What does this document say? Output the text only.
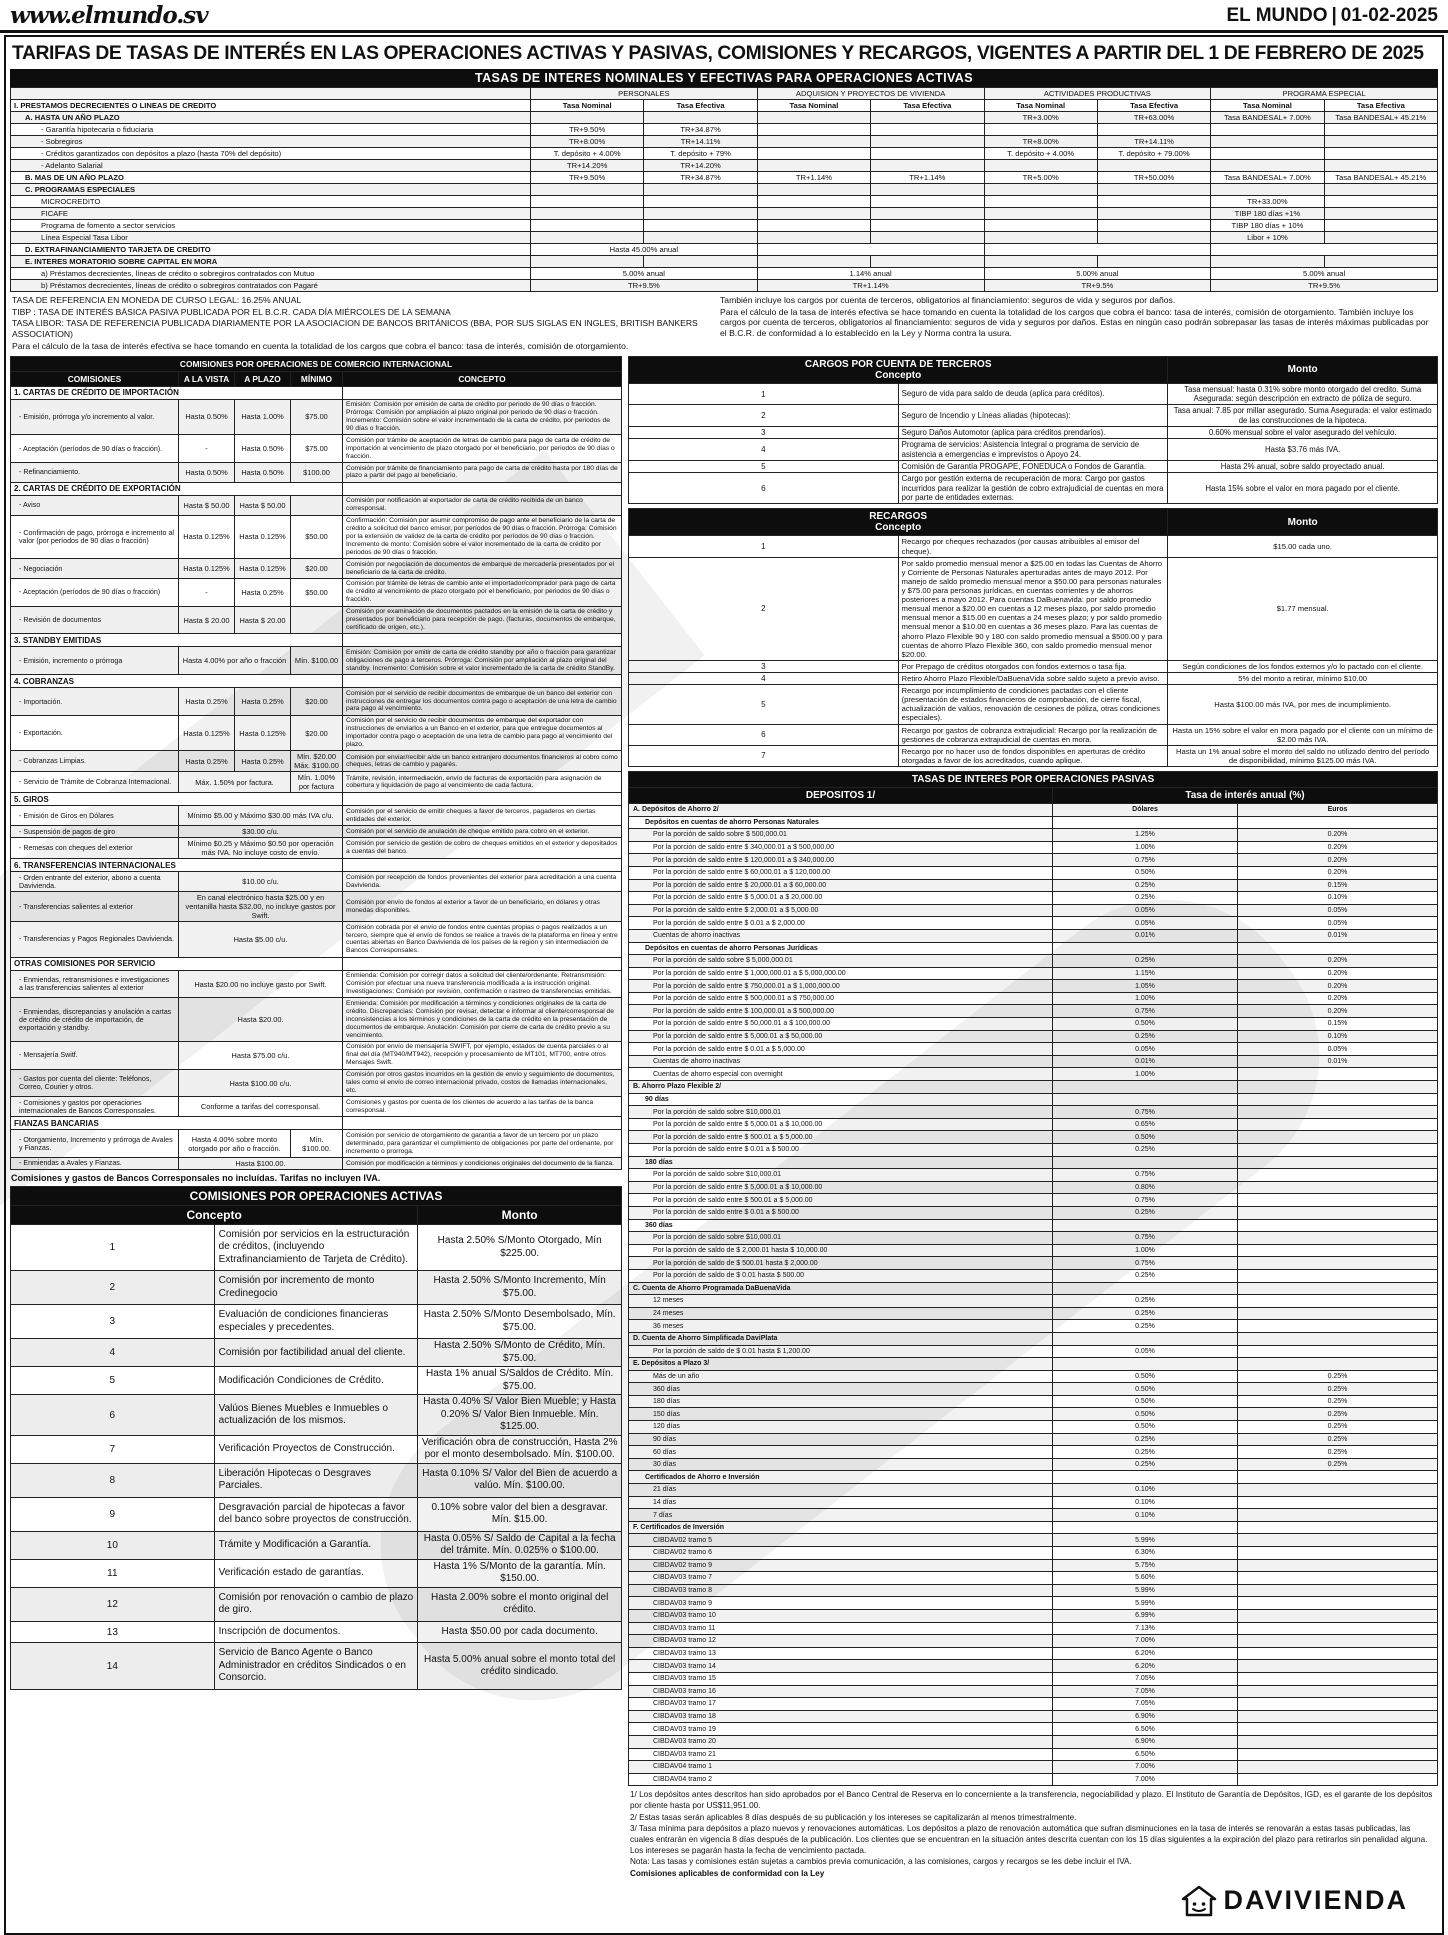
www.elmundo.sv	EL MUNDO | 01-02-2025
TARIFAS DE TASAS DE INTERÉS EN LAS OPERACIONES ACTIVAS Y PASIVAS, COMISIONES Y RECARGOS, VIGENTES A PARTIR DEL 1 DE FEBRERO DE 2025
TASAS DE INTERES NOMINALES Y EFECTIVAS PARA OPERACIONES ACTIVAS
	PERSONALES		ADQUISION Y PROYECTOS DE VIVIENDA		ACTIVIDADES PRODUCTIVAS		PROGRAMA ESPECIAL	
I. PRESTAMOS DECRECIENTES O LINEAS DE CREDITO	Tasa Nominal	Tasa Efectiva	Tasa Nominal	Tasa Efectiva	Tasa Nominal	Tasa Efectiva	Tasa Nominal	Tasa Efectiva
A. HASTA UN AÑO PLAZO					TR+3.00%	TR+63.00%	Tasa BANDESAL+ 7.00%	Tasa BANDESAL+ 45.21%
- Garantía hipotecaria o fiduciaria	TR+9.50%	TR+34.87%						
- Sobregiros	TR+8.00%	TR+14.11%			TR+8.00%	TR+14.11%		
- Créditos garantizados con depósitos a plazo (hasta 70% del depósito)	T. depósito + 4.00%	T. depósito + 79%			T. depósito + 4.00%	T. depósito + 79.00%		
- Adelanto Salarial	TR+14.20%	TR+14.20%						
B. MAS DE UN AÑO PLAZO	TR+9.50%	TR+34.87%	TR+1.14%	TR+1.14%	TR+5.00%	TR+50.00%	Tasa BANDESAL+ 7.00%	Tasa BANDESAL+ 45.21%
C. PROGRAMAS ESPECIALES								
MICROCREDITO							TR+33.00%	
FICAFE							TIBP 180 días +1%	
Programa de fomento a sector servicios							TIBP 180 días + 10%	
Línea Especial Tasa Libor							Libor + 10%	
D. EXTRAFINANCIAMIENTO TARJETA DE CREDITO	Hasta 45.00% anual							
E. INTERES MORATORIO SOBRE CAPITAL EN MORA								
a) Préstamos decrecientes, líneas de crédito o sobregiros contratados con Mutuo	5.00% anual		1.14% anual		5.00% anual		5.00% anual	
b) Préstamos decrecientes, líneas de crédito o sobregiros contratados con Pagaré	TR+9.5%		TR+1.14%		TR+9.5%		TR+9.5%	

TASA DE REFERENCIA EN MONEDA DE CURSO LEGAL: 16.25% ANUAL

TIBP : TASA DE INTERÉS BÁSICA PASIVA PUBLICADA POR EL B.C.R. CADA DÍA MIÉRCOLES DE LA SEMANA

TASA LIBOR: TASA DE REFERENCIA PUBLICADA DIARIAMENTE POR LA ASOCIACION DE BANCOS BRITÁNICOS (BBA, POR SUS SIGLAS EN INGLES, BRITISH BANKERS ASSOCIATION)

Para el cálculo de la tasa de interés efectiva se hace tomando en cuenta la totalidad de los cargos que cobra el banco: tasa de interés, comisión de otorgamiento.

También incluye los cargos por cuenta de terceros, obligatorios al financiamiento: seguros de vida y seguros por daños.

Para el cálculo de la tasa de interés efectiva se hace tomando en cuenta la totalidad de los cargos que cobra el banco: tasa de interés, comisión de otorgamiento. También incluye los cargos por cuenta de terceros, obligatorios al financiamiento: seguros de vida y seguros por daños. Estas en ningún caso podrán sobrepasar las tasas de interés máximas publicadas por el B.C.R. de conformidad a lo establecido en la Ley y Norma contra la usura.

COMISIONES POR OPERACIONES DE COMERCIO INTERNACIONAL				
COMISIONES	A LA VISTA	A PLAZO	MÍNIMO	CONCEPTO
1. CARTAS DE CRÉDITO DE IMPORTACIÓN				
- Emisión, prórroga y/o incremento al valor.	Hasta 0.50%	Hasta 1.00%	$75.00	Emisión: Comisión por emisión de carta de crédito por periodo de 90 días o fracción. Prórroga: Comisión por ampliación al plazo original por periodo de 90 días o fracción. Incremento: Comisión sobre el valor incrementado de la carta de crédito, por periodos de 90 días o fracción.
- Aceptación (períodos de 90 días o fracción).	-	Hasta 0.50%	$75.00	Comisión por trámite de aceptación de letras de cambio para pago de carta de crédito de importación al vencimiento de plazo otorgado por el beneficiario, por periodos de 90 días o fracción.
- Refinanciamiento.	Hasta 0.50%	Hasta 0.50%	$100.00	Comisión por trámite de financiamiento para pago de carta de crédito hasta por 180 días de plazo a partir del pago al beneficiario.
2. CARTAS DE CRÉDITO DE EXPORTACIÓN				
- Aviso	Hasta $ 50.00	Hasta $ 50.00		Comisión por notificación al exportador de carta de crédito recibida de un banco corresponsal.
- Confirmación de pago, prórroga e incremento al valor (por períodos de 90 días o fracción)	Hasta 0.125%	Hasta 0.125%	$50.00	Confirmación: Comisión por asumir compromiso de pago ante el beneficiario de la carta de crédito a solicitud del banco emisor, por períodos de 90 días o fracción. Prórroga: Comisión por la extensión de validez de la carta de crédito por períodos de 90 días o fracción. Incremento de monto: Comisión sobre el valor incrementado de la carta de crédito por periodos de 90 días o fracción.
- Negociación	Hasta 0.125%	Hasta 0.125%	$20.00	Comisión por negociación de documentos de embarque de mercadería presentados por el beneficiario de la carta de crédito.
- Aceptación (períodos de 90 días o fracción)	-	Hasta 0.25%	$50.00	Comisión por trámite de letras de cambio ante el importador/comprador para pago de carta de crédito al vencimiento de plazo otorgado por el beneficiario, por periodos de 90 días o fracción.
- Revisión de documentos	Hasta $ 20.00	Hasta $ 20.00		Comisión por examinación de documentos pactados en la emisión de la carta de crédito y presentados por beneficiario para recepción de pago. (facturas, documentos de embarque, certificado de origen, etc.).
3. STANDBY EMITIDAS				
- Emisión, incremento o prórroga	Hasta 4.00% por año o fracción		Mín. $100.00	Emisión: Comisión por emitir de carta de crédito standby por año o fracción para garantizar obligaciones de pago a terceros. Prórroga: Comisión por ampliación al plazo original del standby. Incremento: Comisión sobre el valor incrementado de la carta de crédito StandBy.
4. COBRANZAS				
- Importación.	Hasta 0.25%	Hasta 0.25%	$20.00	Comisión por el servicio de recibir documentos de embarque de un banco del exterior con instrucciones de entregar los documentos contra pago o aceptación de una letra de cambio para pago al vencimiento.
- Exportación.	Hasta 0.125%	Hasta 0.125%	$20.00	Comisión por el servicio de recibir documentos de embarque del exportador con instrucciones de enviarlos a un Banco en el exterior, para que entregue documentos al importador contra pago o aceptación de una letra de cambio para pago al vencimiento del plazo.
- Cobranzas Limpias.	Hasta 0.25%	Hasta 0.25%	Mín. $20.00 Máx. $100.00	Comisión por enviar/recibir a/de un banco extranjero documentos financieros al cobro como cheques, letras de cambio y pagarés.
- Servicio de Trámite de Cobranza Internacional.	Máx. 1.50% por factura.		Mín. 1.00% por factura	Trámite, revisión, intermediación, envío de facturas de exportación para asignación de cobertura y liquidación de pago al vencimiento de cada factura.
5. GIROS				
- Emisión de Giros en Dólares	Mínimo $5.00 y Máximo $30.00 más IVA c/u.			Comisión por el servicio de emitir cheques a favor de terceros, pagaderos en ciertas entidades del exterior.
- Suspensión de pagos de giro	$30.00 c/u.			Comisión por el servicio de anulación de cheque emitido para cobro en el exterior.
- Remesas con cheques del exterior	Mínimo $0.25 y Máximo $0.50 por operación más IVA. No incluye costo de envío.			Comisión por servicio de gestión de cobro de cheques emitidos en el exterior y depositados a cuentas del banco.
6. TRANSFERENCIAS INTERNACIONALES				
- Orden entrante del exterior, abono a cuenta Davivienda.	$10.00 c/u.			Comisión por recepción de fondos provenientes del exterior para acreditación a una cuenta Davivienda.
- Transferencias salientes al exterior	En canal electrónico hasta $25.00 y en ventanilla hasta $32.00, no incluye gastos por Swift.			Comisión por envío de fondos al exterior a favor de un beneficiario, en dólares y otras monedas disponibles.
- Transferencias y Pagos Regionales Davivienda.	Hasta $5.00 c/u.			Comisión cobrada por el envío de fondos entre cuentas propias o pagos realizados a un tercero, siempre que el envío de fondos se realice a través de la plataforma en línea y entre cuentas abiertas en Banco Davivienda de los países de la región y sin intermediación de Bancos Corresponsales.
OTRAS COMISIONES POR SERVICIO				
- Enmiendas, retransmisiones e investigaciones a las transferencias salientes al exterior	Hasta $20.00 no incluye gasto por Swift.			Enmienda: Comisión por corregir datos a solicitud del cliente/ordenante. Retransmisión: Comisión por efectuar una nueva transferencia modificada a la instrucción original. Investigaciones: Comisión por revisión, confirmación o rastreo de transferencias emitidas.
- Enmiendas, discrepancias y anulación a cartas de crédito de crédito de importación, de exportación y standby.	Hasta $20.00.			Enmienda: Comisión por modificación a términos y condiciones originales de la carta de crédito. Discrepancias: Comisión por revisar, detectar e informar al cliente/corresponsal de inconsistencias a los términos y condiciones de la carta de crédito en la presentación de documentos de embarque. Anulación: Comisión por cierre de carta de crédito previo a su vencimiento.
- Mensajería Switf.	Hasta $75.00 c/u.			Comisión por envío de mensajería SWIFT, por ejemplo, estados de cuenta parciales o al final del día (MT940/MT942), recepción y procesamiento de MT101, MT700, entre otros Mensajes Swift.
- Gastos por cuenta del cliente: Teléfonos, Correo, Courier y otros.	Hasta $100.00 c/u.			Comisión por otros gastos incurridos en la gestión de envío y seguimiento de documentos, tales como el envío de correo internacional privado, costos de llamadas internacionales, etc.
- Comisiones y gastos por operaciones internacionales de Bancos Corresponsales.	Conforme a tarifas del corresponsal.			Comisiones y gastos por cuenta de los clientes de acuerdo a las tarifas de la banca corresponsal.
FIANZAS BANCARIAS				
- Otorgamiento, Incremento y prórroga de Avales y Fianzas.	Hasta 4.00% sobre monto otorgado por año o fracción.		Mín. $100.00.	Comisión por servicio de otorgamiento de garantía a favor de un tercero por un plazo determinado, para garantizar el cumplimiento de obligaciones por parte del ordenante, por incremento o prorroga.
- Enmiendas a Avales y Fianzas.	Hasta $100.00.			Comisión por modificación a términos y condiciones originales del documento de la fianza.
Comisiones y gastos de Bancos Corresponsales no incluídas. Tarifas no incluyen IVA.
COMISIONES POR OPERACIONES ACTIVAS		
Concepto		Monto
1	Comisión por servicios en la estructuración de créditos, (incluyendo Extrafinanciamiento de Tarjeta de Crédito).	Hasta 2.50% S/Monto Otorgado, Mín $225.00.
2	Comisión por incremento de monto Credinegocio	Hasta 2.50% S/Monto Incremento, Mín $75.00.
3	Evaluación de condiciones financieras especiales y precedentes.	Hasta 2.50% S/Monto Desembolsado, Mín. $75.00.
4	Comisión por factibilidad anual del cliente.	Hasta 2.50% S/Monto de Crédito, Mín. $75.00.
5	Modificación Condiciones de Crédito.	Hasta 1% anual S/Saldos de Crédito. Mín. $75.00.
6	Valúos Bienes Muebles e Inmuebles o actualización de los mismos.	Hasta 0.40% S/ Valor Bien Mueble; y Hasta 0.20% S/ Valor Bien Inmueble. Mín. $125.00.
7	Verificación Proyectos de Construcción.	Verificación obra de construcción, Hasta 2% por el monto desembolsado. Mín. $100.00.
8	Liberación Hipotecas o Desgraves Parciales.	Hasta 0.10% S/ Valor del Bien de acuerdo a valúo. Mín. $100.00.
9	Desgravación parcial de hipotecas a favor del banco sobre proyectos de construcción.	0.10% sobre valor del bien a desgravar. Mín. $15.00.
10	Trámite y Modificación a Garantía.	Hasta 0.05% S/ Saldo de Capital a la fecha del trámite. Mín. 0.025% o $100.00.
11	Verificación estado de garantías.	Hasta 1% S/Monto de la garantía. Mín. $150.00.
12	Comisión por renovación o cambio de plazo de giro.	Hasta 2.00% sobre el monto original del crédito.
13	Inscripción de documentos.	Hasta $50.00 por cada documento.
14	Servicio de Banco Agente o Banco Administrador en créditos Sindicados o en Consorcio.	Hasta 5.00% anual sobre el monto total del crédito sindicado.
CARGOS POR CUENTA DE TERCEROS
Concepto		Monto
1	Seguro de vida para saldo de deuda (aplica para créditos).	Tasa mensual: hasta 0.31% sobre monto otorgado del credito. Suma Asegurada: según descripción en extracto de póliza de seguro.
2	Seguro de Incendio y Líneas aliadas (hipotecas):	Tasa anual: 7.85 por millar asegurado. Suma Asegurada: el valor estimado de las construcciones de la hipoteca.
3	Seguro Daños Automotor (aplica para créditos prendarios).	0.60% mensual sobre el valor asegurado del vehículo.
4	Programa de servicios: Asistencia Integral o programa de servicio de asistencia a emergencias e imprevistos o Apoyo 24.	Hasta $3.76 más IVA.
5	Comisión de Garantía PROGAPE, FONEDUCA o Fondos de Garantía.	Hasta 2% anual, sobre saldo proyectado anual.
6	Cargo por gestión externa de recuperación de mora: Cargo por gastos incurridos para realizar la gestión de cobro extrajudicial de cuentas en mora por parte de entidades externas.	Hasta 15% sobre el valor en mora pagado por el cliente.
RECARGOS
Concepto		Monto
1	Recargo por cheques rechazados (por causas atribuibles al emisor del cheque).	$15.00 cada uno.
2	Por saldo promedio mensual menor a $25.00 en todas las Cuentas de Ahorro y Corriente de Personas Naturales aperturadas antes de mayo 2012. Por manejo de saldo promedio mensual menor a $50.00 para personas naturales y $75.00 para personas jurídicas, en cuentas corrientes y de ahorros posteriores a mayo 2012. Para cuentas DaBuenavida: por saldo promedio mensual menor a $20.00 en cuentas a 12 meses plazo, por saldo promedio mensual menor a $15.00 en cuentas a 24 meses plazo; y por saldo promedio mensual menor a $10.00 en cuentas a 36 meses plazo. Para las cuentas de ahorro Plazo Flexible 90 y 180 con saldo promedio mensual a $500.00 y para cuentas de ahorro Plazo Flexible 360, con saldo promedio mensual menor $20.00.	$1.77 mensual.
3	Por Prepago de créditos otorgados con fondos externos o tasa fija.	Según condiciones de los fondos externos y/o lo pactado con el cliente.
4	Retiro Ahorro Plazo Flexible/DaBuenaVida sobre saldo sujeto a previo aviso.	5% del monto a retirar, mínimo $10.00
5	Recargo por incumplimiento de condiciones pactadas con el cliente (presentación de estados financieros de comprobación, de cierre fiscal, actualización de valúos, renovación de cesiones de póliza, otras condiciones especiales).	Hasta $100.00 más IVA, por mes de incumplimiento.
6	Recargo por gastos de cobranza extrajudicial: Recargo por la realización de gestiones de cobranza extrajudicial de cuentas en mora.	Hasta un 15% sobre el valor en mora pagado por el cliente con un mínimo de $2.00 más IVA.
7	Recargo por no hacer uso de fondos disponibles en aperturas de crédito otorgadas a favor de los acreditados, cuando aplique.	Hasta un 1% anual sobre el monto del saldo no utilizado dentro del período de disponibilidad, mínimo $125.00 más IVA.
TASAS DE INTERES POR OPERACIONES PASIVAS		
DEPOSITOS 1/	Tasa de interés anual (%)	
A. Depósitos de Ahorro 2/	Dólares	Euros
Depósitos en cuentas de ahorro Personas Naturales		
Por la porción de saldo sobre $ 500,000.01	1.25%	0.20%
Por la porción de saldo entre $ 340,000.01 a $ 500,000.00	1.00%	0.20%
Por la porción de saldo entre $ 120,000.01 a $ 340,000.00	0.75%	0.20%
Por la porción de saldo entre $ 60,000.01 a $ 120,000.00	0.50%	0.20%
Por la porción de saldo entre $ 20,000.01 a $ 60,000.00	0.25%	0.15%
Por la porción de saldo entre $ 5,000.01 a $ 20,000.00	0.25%	0.10%
Por la porción de saldo entre $ 2,000.01 a $ 5,000.00	0.05%	0.05%
Por la porción de saldo entre $ 0.01 a $ 2,000.00	0.05%	0.05%
Cuentas de ahorro inactivas	0.01%	0.01%
Depósitos en cuentas de ahorro Personas Jurídicas		
Por la porción de saldo sobre $ 5,000,000.01	0.25%	0.20%
Por la porción de saldo entre $ 1,000,000.01 a $ 5,000,000.00	1.15%	0.20%
Por la porción de saldo entre $ 750,000.01 a $ 1,000,000.00	1.05%	0.20%
Por la porción de saldo entre $ 500,000.01 a $ 750,000.00	1.00%	0.20%
Por la porción de saldo entre $ 100,000.01 a $ 500,000.00	0.75%	0.20%
Por la porción de saldo entre $ 50,000.01 a $ 100,000.00	0.50%	0.15%
Por la porción de saldo entre $ 5,000.01 a $ 50,000.00	0.25%	0.10%
Por la porción de saldo entre $ 0.01 a $ 5,000.00	0.05%	0.05%
Cuentas de ahorro inactivas	0.01%	0.01%
Cuentas de ahorro especial con overnight	1.00%	
B. Ahorro Plazo Flexible 2/		
90 días		
Por la porción de saldo sobre $10,000.01	0.75%	
Por la porción de saldo entre $ 5,000.01 a $ 10,000.00	0.65%	
Por la porción de saldo entre $ 500.01 a $ 5,000.00	0.50%	
Por la porción de saldo entre $ 0.01 a $ 500.00	0.25%	
180 días		
Por la porción de saldo sobre $10,000.01	0.75%	
Por la porción de saldo entre $ 5,000.01 a $ 10,000.00	0.80%	
Por la porción de saldo entre $ 500.01 a $ 5,000.00	0.75%	
Por la porción de saldo entre $ 0.01 a $ 500.00	0.25%	
360 días		
Por la porción de saldo sobre $10,000.01	0.75%	
Por la porción de saldo de $ 2,000.01 hasta $ 10,000.00	1.00%	
Por la porción de saldo de $ 500.01 hasta $ 2,000.00	0.75%	
Por la porción de saldo de $ 0.01 hasta $ 500.00	0.25%	
C. Cuenta de Ahorro Programada DaBuenaVida		
12 meses	0.25%	
24 meses	0.25%	
36 meses	0.25%	
D. Cuenta de Ahorro Simplificada DaviPlata		
Por la porción de saldo de $ 0.01 hasta $ 1,200.00	0.05%	
E. Depósitos a Plazo 3/		
Más de un año	0.50%	0.25%
360 días	0.50%	0.25%
180 días	0.50%	0.25%
150 días	0.50%	0.25%
120 días	0.50%	0.25%
90 días	0.25%	0.25%
60 días	0.25%	0.25%
30 días	0.25%	0.25%
Certificados de Ahorro e Inversión		
21 días	0.10%	
14 días	0.10%	
7 días	0.10%	
F. Certificados de Inversión		
CIBDAV02 tramo 5	5.99%	
CIBDAV02 tramo 6	6.30%	
CIBDAV02 tramo 9	5.75%	
CIBDAV03 tramo 7	5.60%	
CIBDAV03 tramo 8	5.99%	
CIBDAV03 tramo 9	5.99%	
CIBDAV03 tramo 10	6.99%	
CIBDAV03 tramo 11	7.13%	
CIBDAV03 tramo 12	7.00%	
CIBDAV03 tramo 13	6.20%	
CIBDAV03 tramo 14	6.20%	
CIBDAV03 tramo 15	7.05%	
CIBDAV03 tramo 16	7.05%	
CIBDAV03 tramo 17	7.05%	
CIBDAV03 tramo 18	6.90%	
CIBDAV03 tramo 19	6.50%	
CIBDAV03 tramo 20	6.90%	
CIBDAV03 tramo 21	6.50%	
CIBDAV04 tramo 1	7.00%	
CIBDAV04 tramo 2	7.00%	

1/ Los depósitos antes descritos han sido aprobados por el Banco Central de Reserva en lo concerniente a la transferencia, negociabilidad y plazo. El Instituto de Garantía de Depósitos, IGD, es el garante de los depósitos por cliente hasta por US$11,951.00.

2/ Estas tasas serán aplicables 8 días después de su publicación y los intereses se capitalizarán al menos trimestralmente.

3/ Tasa mínima para depósitos a plazo nuevos y renovaciones automáticas. Los depósitos a plazo de renovación automática que sufran disminuciones en la tasa de interés se renovarán a estas tasas publicadas, las cuales entrarán en vigencia 8 días después de la publicación. Los clientes que se encuentran en la situación antes descrita cuentan con los 15 días siguientes a la expiración del plazo para retirarlos sin penalidad alguna. Los intereses se pagarán hasta la fecha de vencimiento pactada.

Nota: Las tasas y comisiones están sujetas a cambios previa comunicación, a las comisiones, cargos y recargos se les debe incluir el IVA.

Comisiones aplicables de conformidad con la Ley

DAVIVIENDA
